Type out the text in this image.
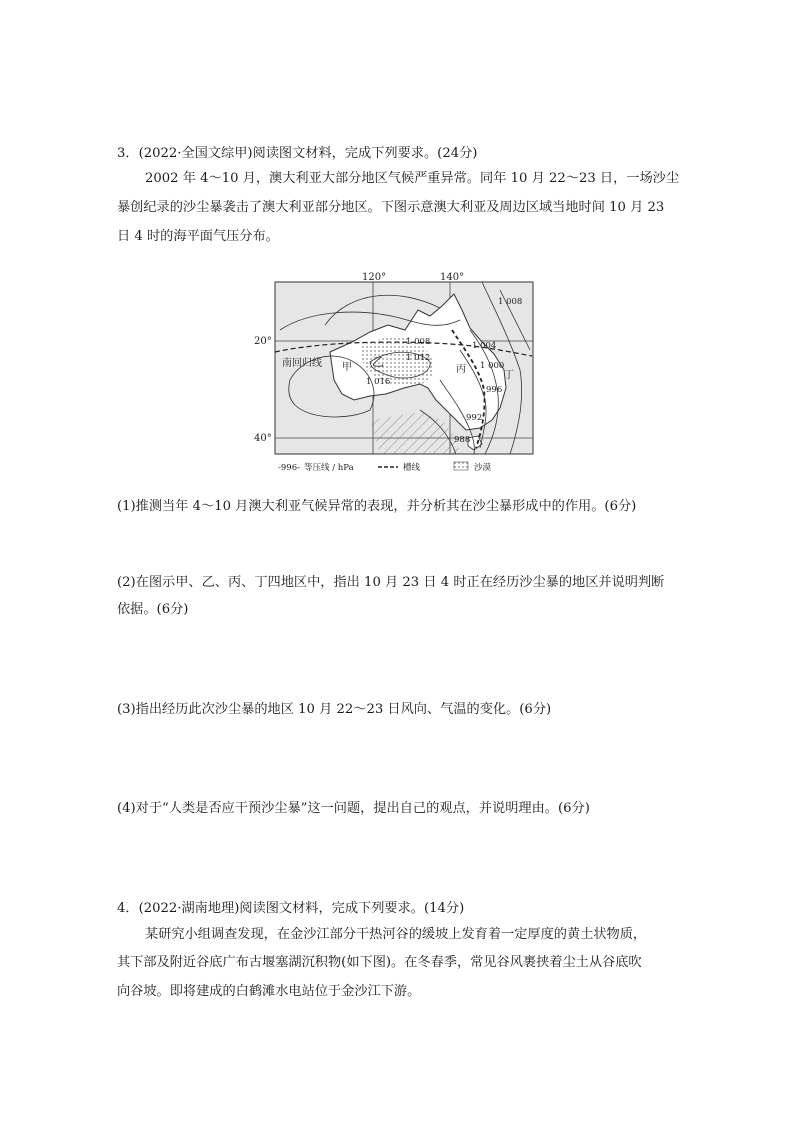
3．(2022·全国文综甲)阅读图文材料，完成下列要求。(24分)
2002 年 4～10 月，澳大利亚大部分地区气候严重异常。同年 10 月 22～23 日，一场沙尘
暴创纪录的沙尘暴袭击了澳大利亚部分地区。下图示意澳大利亚及周边区域当地时间 10 月 23
日 4 时的海平面气压分布。
120°	140°
20°
40°
南回归线 甲 乙
丙
丁
1 008
1 008	1 004
1 012
1 000
1 016
996
992
988
-996- 等压线 / hPa	槽线	沙漠
(1)推测当年 4～10 月澳大利亚气候异常的表现，并分析其在沙尘暴形成中的作用。(6分)
(2)在图示甲、乙、丙、丁四地区中，指出 10 月 23 日 4 时正在经历沙尘暴的地区并说明判断
依据。(6分)
(3)指出经历此次沙尘暴的地区 10 月 22～23 日风向、气温的变化。(6分)
(4)对于“人类是否应干预沙尘暴”这一问题，提出自己的观点，并说明理由。(6分)
4．(2022·湖南地理)阅读图文材料，完成下列要求。(14分)
某研究小组调查发现，在金沙江部分干热河谷的缓坡上发育着一定厚度的黄土状物质，
其下部及附近谷底广布古堰塞湖沉积物(如下图)。在冬春季，常见谷风裹挟着尘土从谷底吹
向谷坡。即将建成的白鹤滩水电站位于金沙江下游。
